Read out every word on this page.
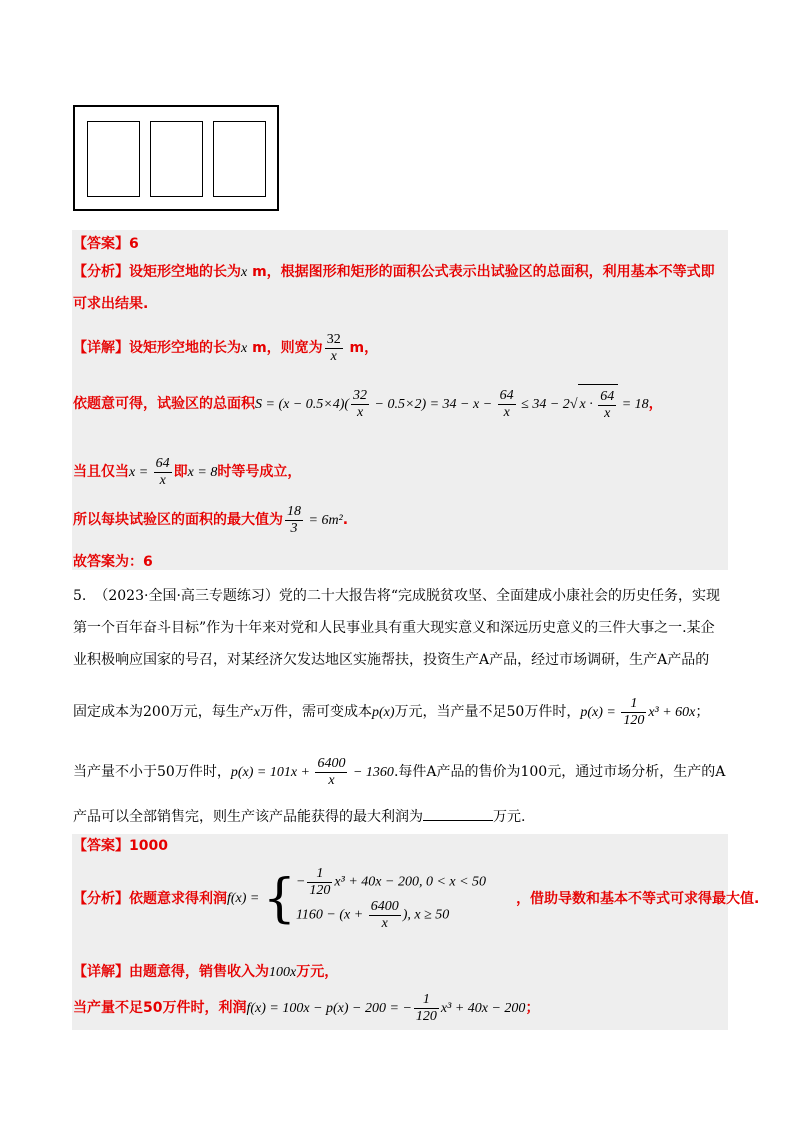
【答案】6
【分析】设矩形空地的长为x m，根据图形和矩形的面积公式表示出试验区的总面积，利用基本不等式即
可求出结果.
【详解】设矩形空地的长为x m，则宽为 $\frac{32}{x}$ m，
依题意可得，试验区的总面积$S = (x - 0.5\times 4)( \frac{32}{x} - 0.5\times 2) = 34 - x - \frac{64}{x} \le 34 - 2√$ $x \cdot \frac{64}{x} = 18$，
当且仅当$x = \frac{64}{x}$ 即x = 8时等号成立，
所以每块试验区的面积的最大值为 $\frac{18}{3} = 6m^2$.
故答案为：6
5. （2023·全国·高三专题练习）党的二十大报告将“完成脱贫攻坚、全面建成小康社会的历史任务，实现
第一个百年奋斗目标”作为十年来对党和人民事业具有重大现实意义和深远历史意义的三件大事之一.某企
业积极响应国家的号召，对某经济欠发达地区实施帮扶，投资生产A产品，经过市场调研，生产A产品的
固定成本为200万元，每生产x万件，需可变成本p(x)万元，当产量不足50万件时，$p(x) = \frac{1}{120} x^3 + 60x$；
当产量不小于50万件时，$p(x) = 101x + \frac{6400}{x} - 1360$.每件A产品的售价为100元，通过市场分析，生产的A
产品可以全部销售完，则生产该产品能获得的最大利润为	万元.
【答案】1000
【分析】依题意求得利润f(x) = { − $\frac{1}{120} x^3 + 40x - 200$, 0 < x < 50
$1160 - (x + \frac{6400}{x}$ ), x ≥ 50
，借助导数和基本不等式可求得最大值.
【详解】由题意得，销售收入为100x万元，
当产量不足50万件时，利润f(x) = 100x − p(x) − 200 = − $\frac{1}{120} x^3 + 40x - 200$；
